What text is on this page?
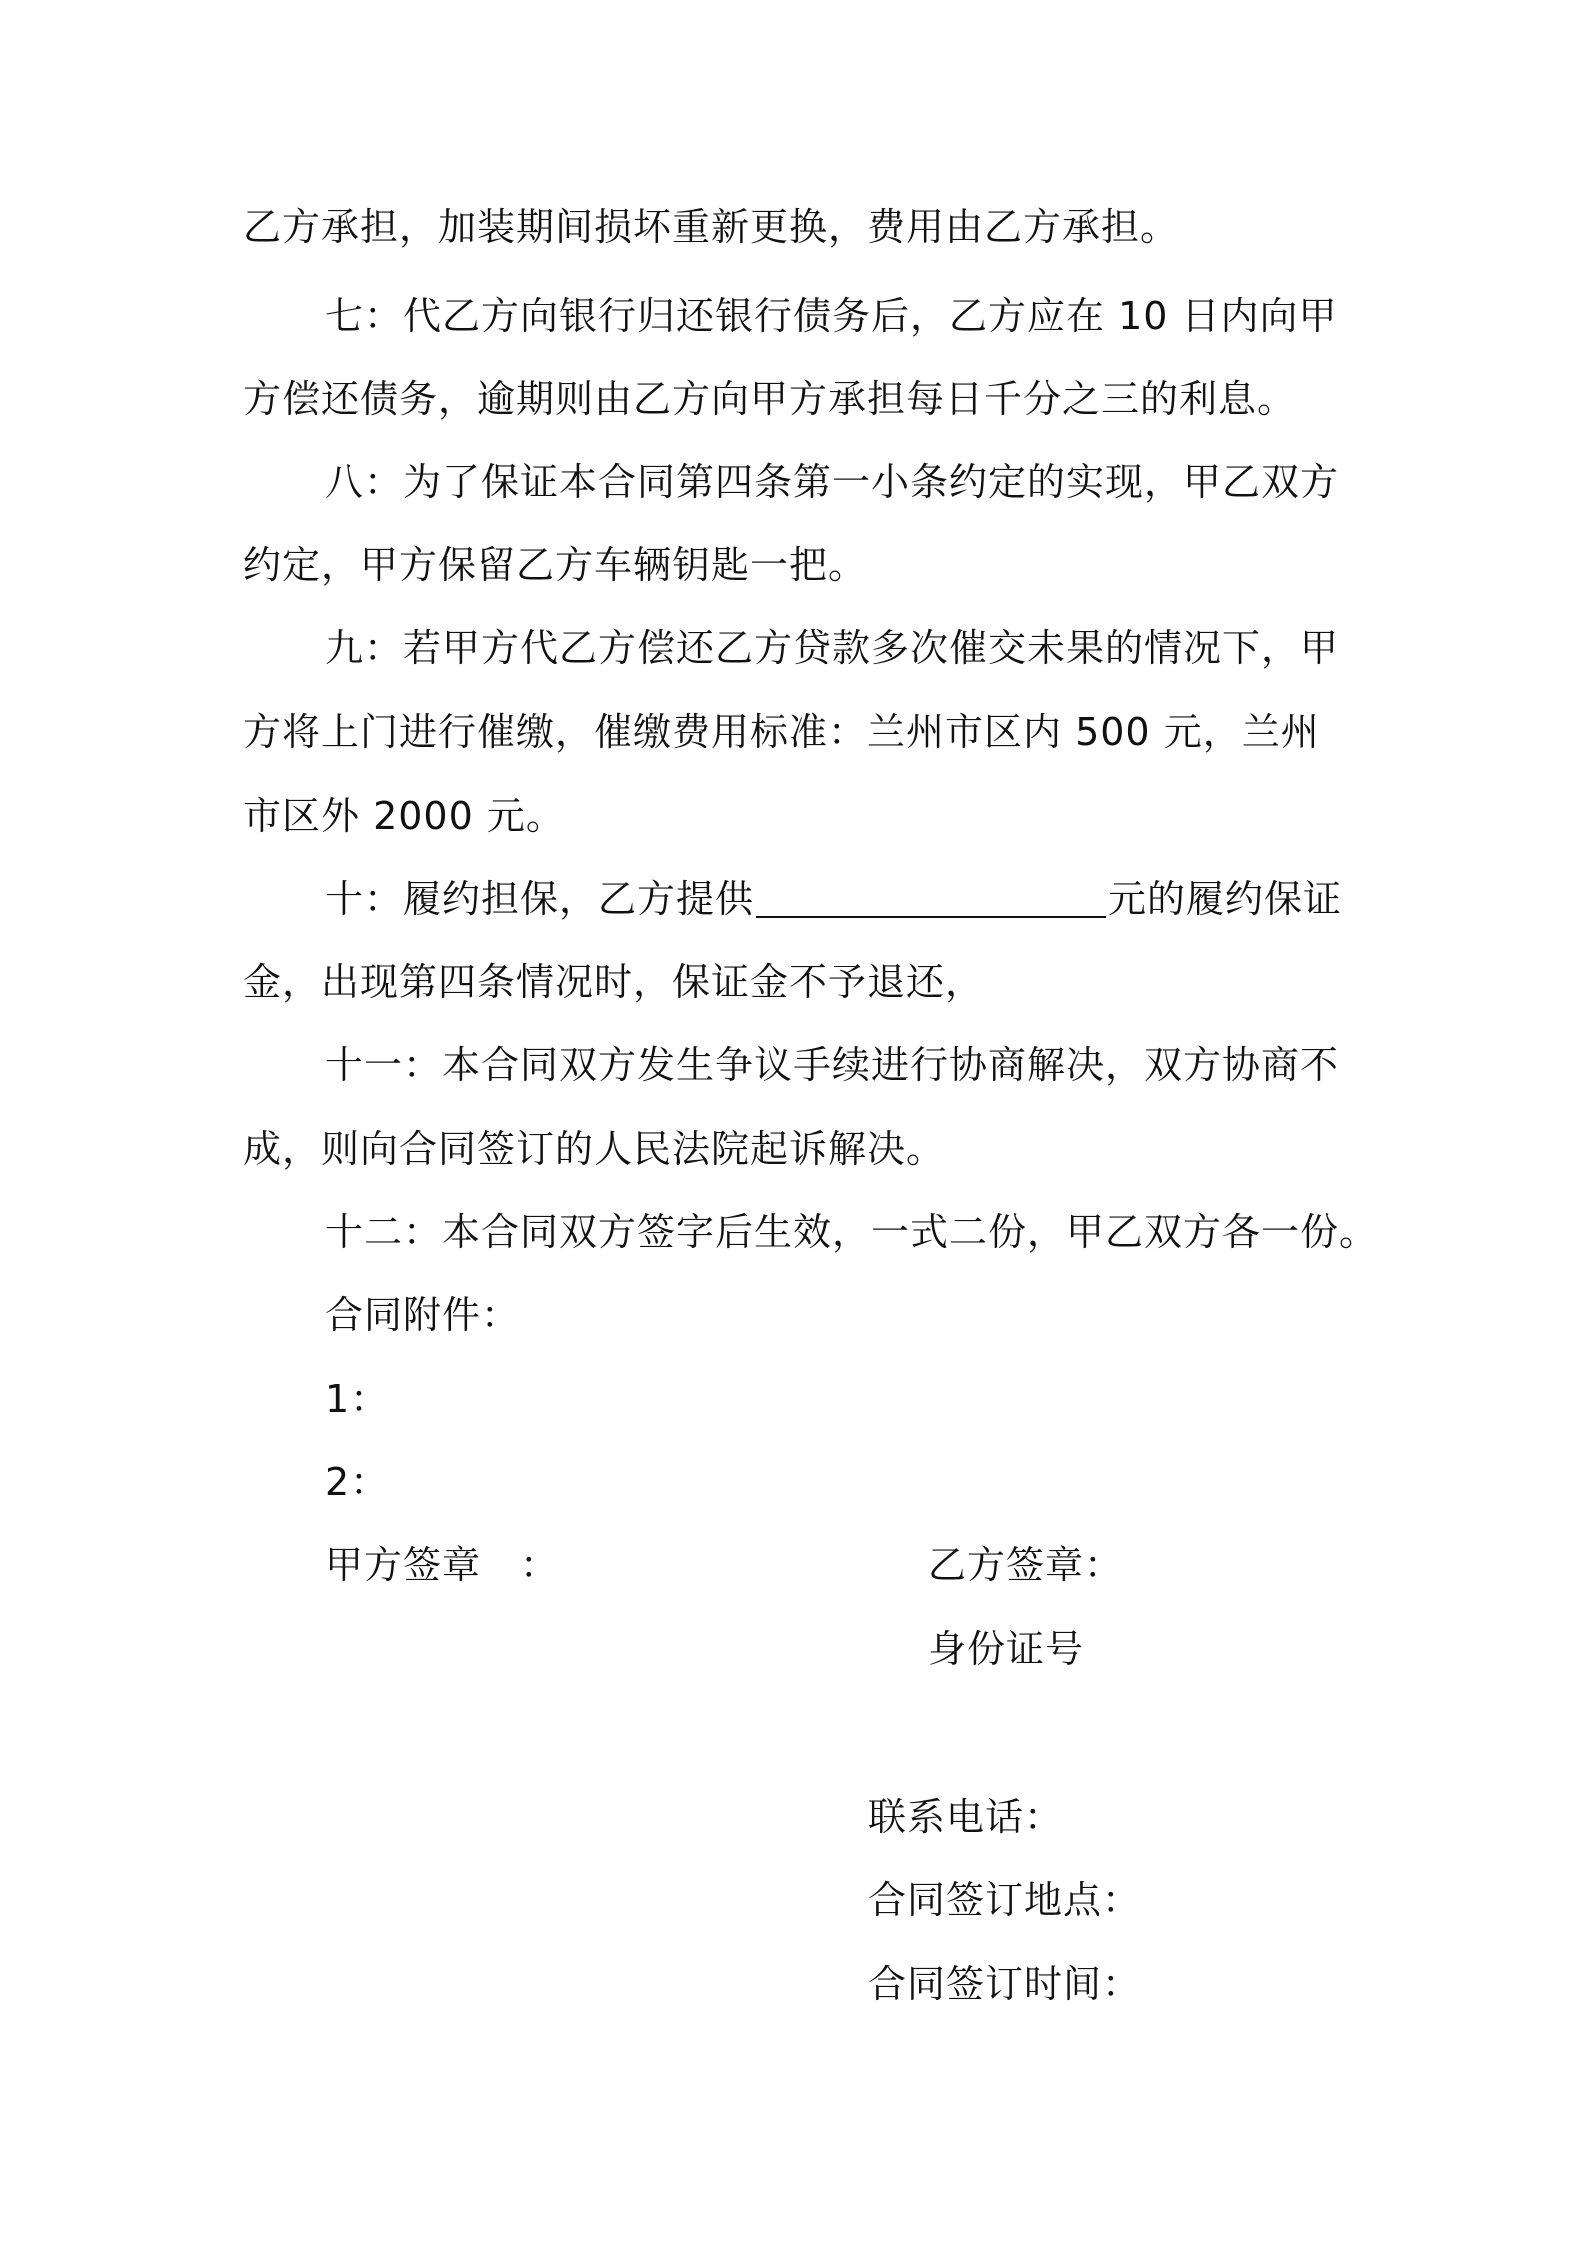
乙方承担，加装期间损坏重新更换，费用由乙方承担。
七：代乙方向银行归还银行债务后，乙方应在 10 日内向甲
方偿还债务，逾期则由乙方向甲方承担每日千分之三的利息。
八：为了保证本合同第四条第一小条约定的实现，甲乙双方
约定，甲方保留乙方车辆钥匙一把。
九：若甲方代乙方偿还乙方贷款多次催交未果的情况下，甲
方将上门进行催缴，催缴费用标准：兰州市区内 500 元，兰州
市区外 2000 元。
十：履约担保，乙方提供	元的履约保证
金，出现第四条情况时，保证金不予退还，
十一：本合同双方发生争议手续进行协商解决，双方协商不
成，则向合同签订的人民法院起诉解决。
十二：本合同双方签字后生效，一式二份，甲乙双方各一份。
合同附件：
1：
2：
甲方签章　：	乙方签章：
身份证号
联系电话：
合同签订地点：
合同签订时间：
